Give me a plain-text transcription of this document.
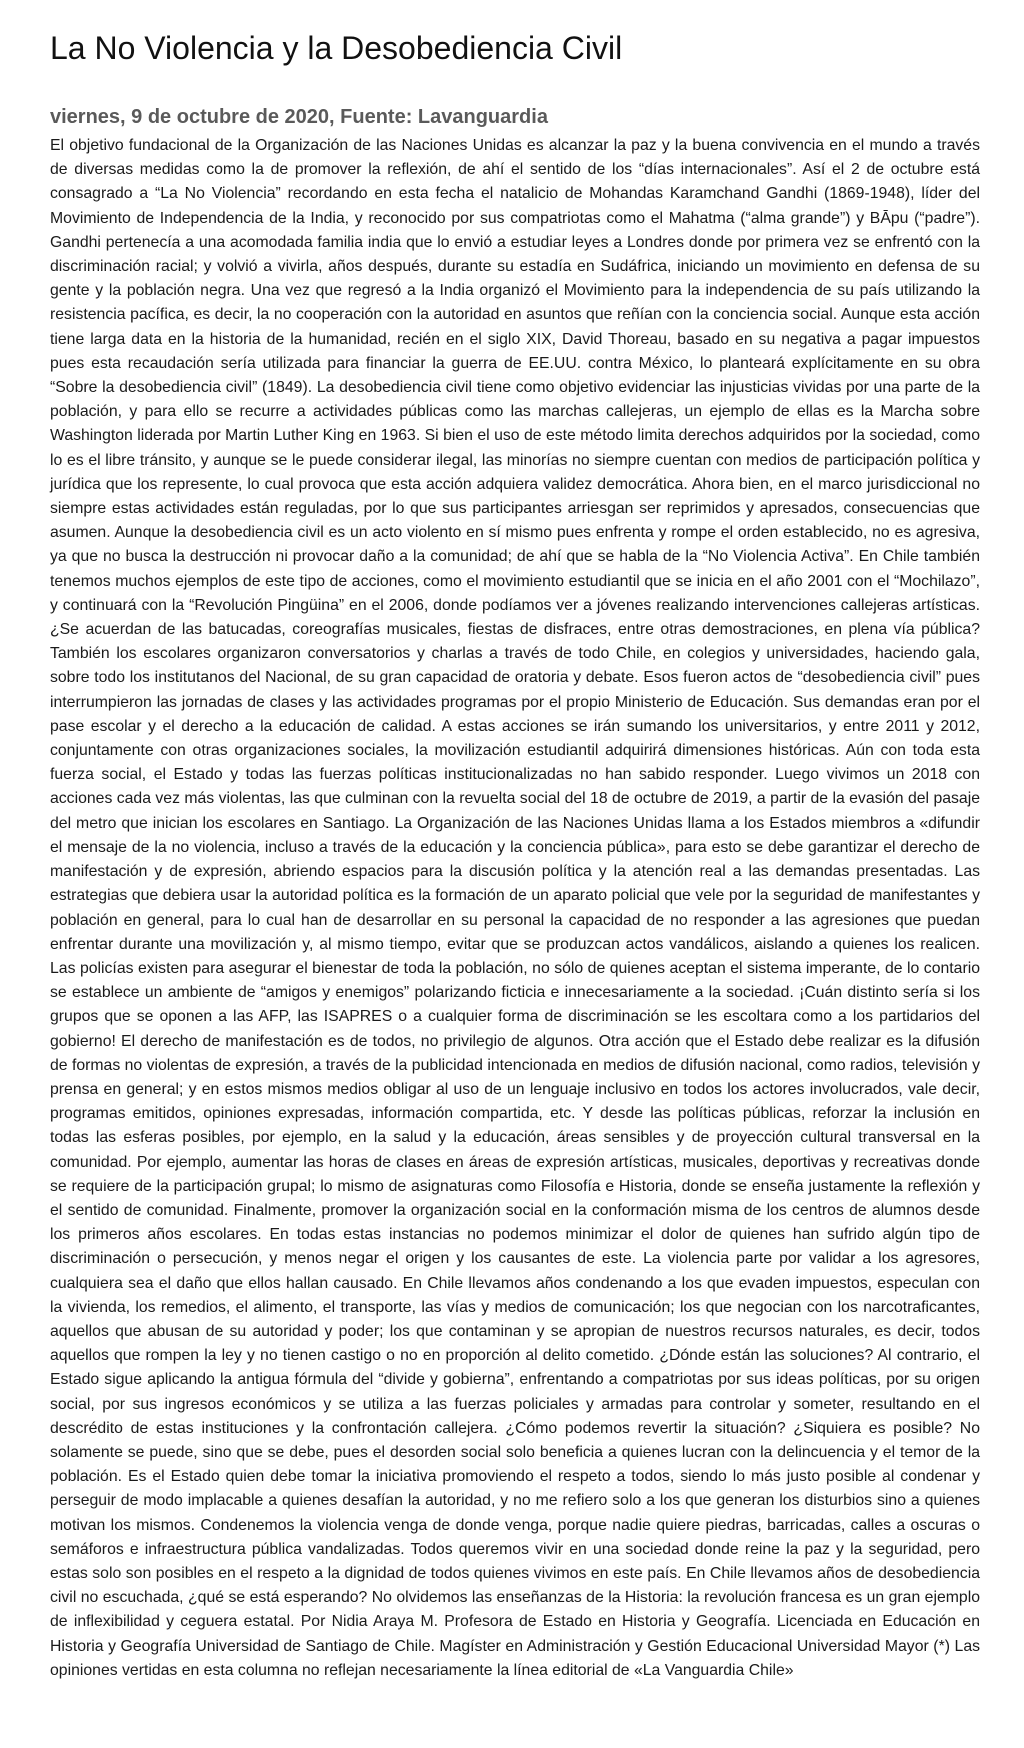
La No Violencia y la Desobediencia Civil
viernes, 9 de octubre de 2020, Fuente: Lavanguardia

El objetivo fundacional de la Organización de las Naciones Unidas es alcanzar la paz y la buena convivencia en el mundo a través de diversas medidas como la de promover la reflexión, de ahí el sentido de los “días internacionales”. Así el 2 de octubre está consagrado a “La No Violencia” recordando en esta fecha el natalicio de Mohandas Karamchand Gandhi (1869-1948), líder del Movimiento de Independencia de la India, y reconocido por sus compatriotas como el Mahatma (“alma grande”) y BĀpu (“padre”). Gandhi pertenecía a una acomodada familia india que lo envió a estudiar leyes a Londres donde por primera vez se enfrentó con la discriminación racial; y volvió a vivirla, años después, durante su estadía en Sudáfrica, iniciando un movimiento en defensa de su gente y la población negra. Una vez que regresó a la India organizó el Movimiento para la independencia de su país utilizando la resistencia pacífica, es decir, la no cooperación con la autoridad en asuntos que reñían con la conciencia social. Aunque esta acción tiene larga data en la historia de la humanidad, recién en el siglo XIX, David Thoreau, basado en su negativa a pagar impuestos pues esta recaudación sería utilizada para financiar la guerra de EE.UU. contra México, lo planteará explícitamente en su obra “Sobre la desobediencia civil” (1849). La desobediencia civil tiene como objetivo evidenciar las injusticias vividas por una parte de la población, y para ello se recurre a actividades públicas como las marchas callejeras, un ejemplo de ellas es la Marcha sobre Washington liderada por Martin Luther King en 1963. Si bien el uso de este método limita derechos adquiridos por la sociedad, como lo es el libre tránsito, y aunque se le puede considerar ilegal, las minorías no siempre cuentan con medios de participación política y jurídica que los represente, lo cual provoca que esta acción adquiera validez democrática. Ahora bien, en el marco jurisdiccional no siempre estas actividades están reguladas, por lo que sus participantes arriesgan ser reprimidos y apresados, consecuencias que asumen. Aunque la desobediencia civil es un acto violento en sí mismo pues enfrenta y rompe el orden establecido, no es agresiva, ya que no busca la destrucción ni provocar daño a la comunidad; de ahí que se habla de la “No Violencia Activa”. En Chile también tenemos muchos ejemplos de este tipo de acciones, como el movimiento estudiantil que se inicia en el año 2001 con el “Mochilazo”, y continuará con la “Revolución Pingüina” en el 2006, donde podíamos ver a jóvenes realizando intervenciones callejeras artísticas. ¿Se acuerdan de las batucadas, coreografías musicales, fiestas de disfraces, entre otras demostraciones, en plena vía pública? También los escolares organizaron conversatorios y charlas a través de todo Chile, en colegios y universidades, haciendo gala, sobre todo los institutanos del Nacional, de su gran capacidad de oratoria y debate. Esos fueron actos de “desobediencia civil” pues interrumpieron las jornadas de clases y las actividades programas por el propio Ministerio de Educación. Sus demandas eran por el pase escolar y el derecho a la educación de calidad. A estas acciones se irán sumando los universitarios, y entre 2011 y 2012, conjuntamente con otras organizaciones sociales, la movilización estudiantil adquirirá dimensiones históricas. Aún con toda esta fuerza social, el Estado y todas las fuerzas políticas institucionalizadas no han sabido responder. Luego vivimos un 2018 con acciones cada vez más violentas, las que culminan con la revuelta social del 18 de octubre de 2019, a partir de la evasión del pasaje del metro que inician los escolares en Santiago. La Organización de las Naciones Unidas llama a los Estados miembros a «difundir el mensaje de la no violencia, incluso a través de la educación y la conciencia pública», para esto se debe garantizar el derecho de manifestación y de expresión, abriendo espacios para la discusión política y la atención real a las demandas presentadas. Las estrategias que debiera usar la autoridad política es la formación de un aparato policial que vele por la seguridad de manifestantes y población en general, para lo cual han de desarrollar en su personal la capacidad de no responder a las agresiones que puedan enfrentar durante una movilización y, al mismo tiempo, evitar que se produzcan actos vandálicos, aislando a quienes los realicen. Las policías existen para asegurar el bienestar de toda la población, no sólo de quienes aceptan el sistema imperante, de lo contario se establece un ambiente de “amigos y enemigos” polarizando ficticia e innecesariamente a la sociedad. ¡Cuán distinto sería si los grupos que se oponen a las AFP, las ISAPRES o a cualquier forma de discriminación se les escoltara como a los partidarios del gobierno! El derecho de manifestación es de todos, no privilegio de algunos. Otra acción que el Estado debe realizar es la difusión de formas no violentas de expresión, a través de la publicidad intencionada en medios de difusión nacional, como radios, televisión y prensa en general; y en estos mismos medios obligar al uso de un lenguaje inclusivo en todos los actores involucrados, vale decir, programas emitidos, opiniones expresadas, información compartida, etc. Y desde las políticas públicas, reforzar la inclusión en todas las esferas posibles, por ejemplo, en la salud y la educación, áreas sensibles y de proyección cultural transversal en la comunidad. Por ejemplo, aumentar las horas de clases en áreas de expresión artísticas, musicales, deportivas y recreativas donde se requiere de la participación grupal; lo mismo de asignaturas como Filosofía e Historia, donde se enseña justamente la reflexión y el sentido de comunidad. Finalmente, promover la organización social en la conformación misma de los centros de alumnos desde los primeros años escolares. En todas estas instancias no podemos minimizar el dolor de quienes han sufrido algún tipo de discriminación o persecución, y menos negar el origen y los causantes de este. La violencia parte por validar a los agresores, cualquiera sea el daño que ellos hallan causado. En Chile llevamos años condenando a los que evaden impuestos, especulan con la vivienda, los remedios, el alimento, el transporte, las vías y medios de comunicación; los que negocian con los narcotraficantes, aquellos que abusan de su autoridad y poder; los que contaminan y se apropian de nuestros recursos naturales, es decir, todos aquellos que rompen la ley y no tienen castigo o no en proporción al delito cometido. ¿Dónde están las soluciones? Al contrario, el Estado sigue aplicando la antigua fórmula del “divide y gobierna”, enfrentando a compatriotas por sus ideas políticas, por su origen social, por sus ingresos económicos y se utiliza a las fuerzas policiales y armadas para controlar y someter, resultando en el descrédito de estas instituciones y la confrontación callejera. ¿Cómo podemos revertir la situación? ¿Siquiera es posible? No solamente se puede, sino que se debe, pues el desorden social solo beneficia a quienes lucran con la delincuencia y el temor de la población. Es el Estado quien debe tomar la iniciativa promoviendo el respeto a todos, siendo lo más justo posible al condenar y perseguir de modo implacable a quienes desafían la autoridad, y no me refiero solo a los que generan los disturbios sino a quienes motivan los mismos. Condenemos la violencia venga de donde venga, porque nadie quiere piedras, barricadas, calles a oscuras o semáforos e infraestructura pública vandalizadas. Todos queremos vivir en una sociedad donde reine la paz y la seguridad, pero estas solo son posibles en el respeto a la dignidad de todos quienes vivimos en este país. En Chile llevamos años de desobediencia civil no escuchada, ¿qué se está esperando? No olvidemos las enseñanzas de la Historia: la revolución francesa es un gran ejemplo de inflexibilidad y ceguera estatal. Por Nidia Araya M. Profesora de Estado en Historia y Geografía. Licenciada en Educación en Historia y Geografía Universidad de Santiago de Chile. Magíster en Administración y Gestión Educacional Universidad Mayor (*) Las opiniones vertidas en esta columna no reflejan necesariamente la línea editorial de «La Vanguardia Chile»
